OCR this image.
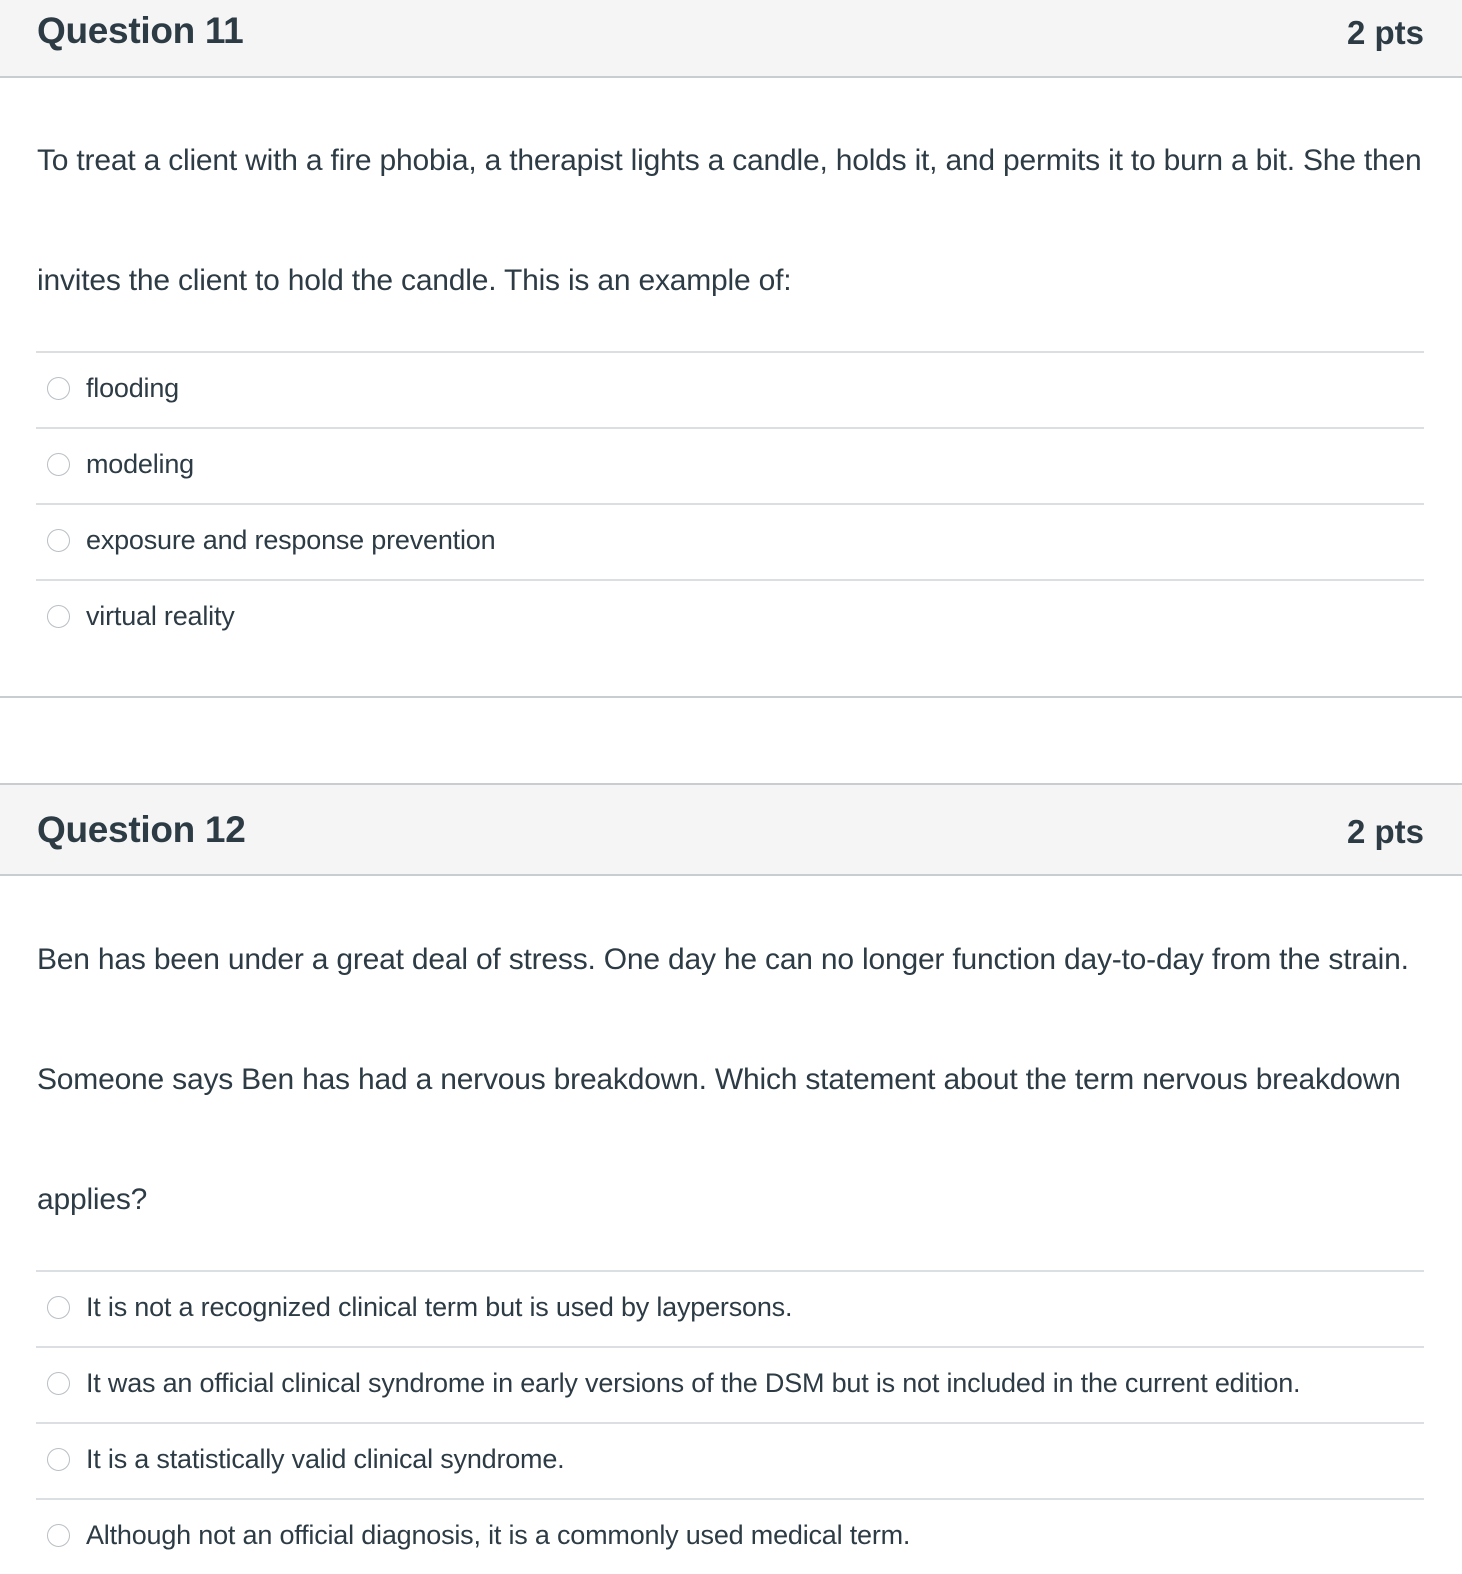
Question 11	2 pts

To treat a client with a fire phobia, a therapist lights a candle, holds it, and permits it to burn a bit. She then

invites the client to hold the candle. This is an example of:

flooding
modeling
exposure and response prevention
virtual reality
Question 12	2 pts

Ben has been under a great deal of stress. One day he can no longer function day-to-day from the strain.

Someone says Ben has had a nervous breakdown. Which statement about the term nervous breakdown

applies?

It is not a recognized clinical term but is used by laypersons.
It was an official clinical syndrome in early versions of the DSM but is not included in the current edition.
It is a statistically valid clinical syndrome.
Although not an official diagnosis, it is a commonly used medical term.
